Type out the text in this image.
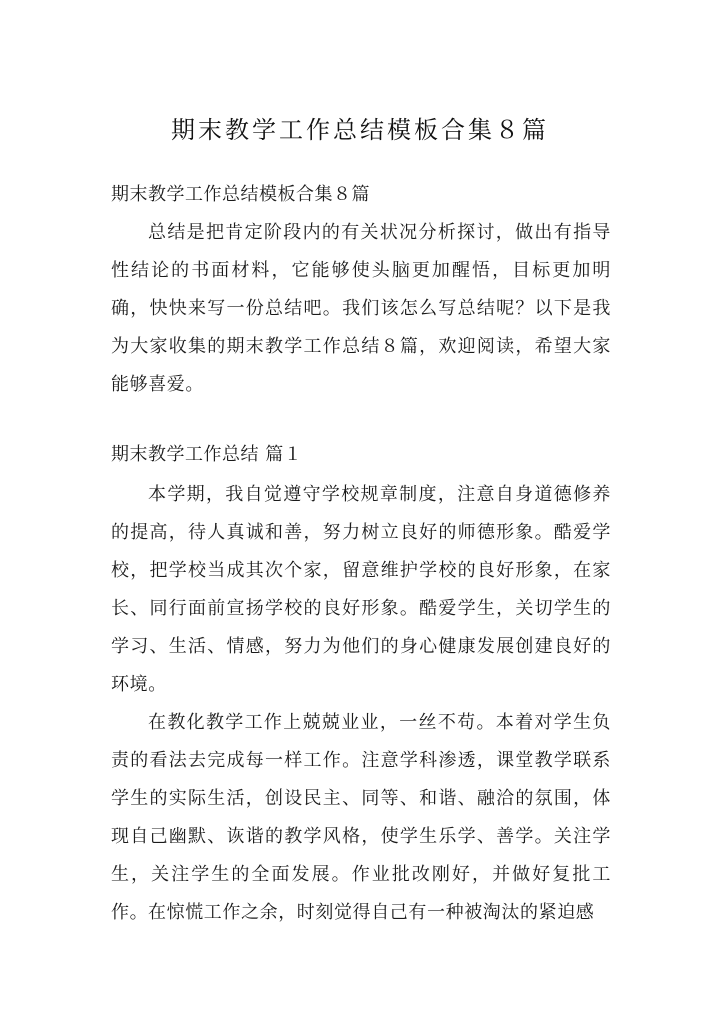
期末教学工作总结模板合集８篇
期末教学工作总结模板合集８篇

总结是把肯定阶段内的有关状况分析探讨，做出有指导性结论的书面材料，它能够使头脑更加醒悟，目标更加明确，快快来写一份总结吧。我们该怎么写总结呢？以下是我为大家收集的期末教学工作总结８篇，欢迎阅读，希望大家能够喜爱。

期末教学工作总结 篇１

本学期，我自觉遵守学校规章制度，注意自身道德修养的提高，待人真诚和善，努力树立良好的师德形象。酷爱学校，把学校当成其次个家，留意维护学校的良好形象，在家长、同行面前宣扬学校的良好形象。酷爱学生，关切学生的学习、生活、情感，努力为他们的身心健康发展创建良好的环境。

在教化教学工作上兢兢业业，一丝不苟。本着对学生负责的看法去完成每一样工作。注意学科渗透，课堂教学联系学生的实际生活，创设民主、同等、和谐、融洽的氛围，体现自己幽默、诙谐的教学风格，使学生乐学、善学。关注学生，关注学生的全面发展。作业批改刚好，并做好复批工作。 在惊慌工作之余，时刻觉得自己有一种被淘汰的紧迫感
